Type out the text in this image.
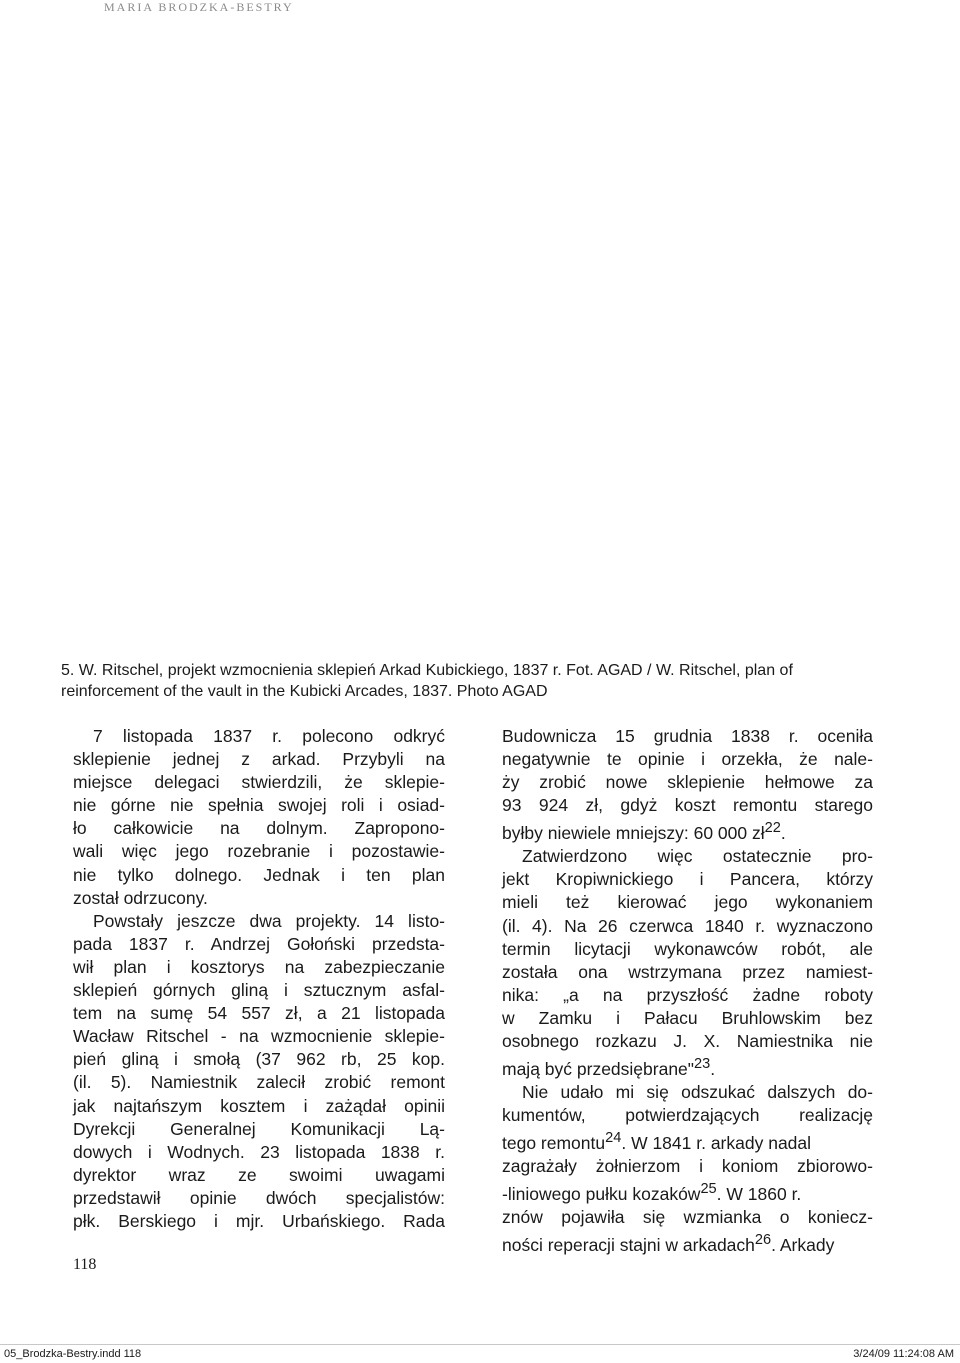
MARIA BRODZKA-BESTRY
5. W. Ritschel, projekt wzmocnienia sklepień Arkad Kubickiego, 1837 r. Fot. AGAD / W. Ritschel, plan of
reinforcement of the vault in the Kubicki Arcades, 1837. Photo AGAD
7 listopada 1837 r. polecono odkryć
sklepienie jednej z arkad. Przybyli na
miejsce delegaci stwierdzili, że sklepie-
nie górne nie spełnia swojej roli i osiad-
ło całkowicie na dolnym. Zapropono-
wali więc jego rozebranie i pozostawie-
nie tylko dolnego. Jednak i ten plan
został odrzucony.
Powstały jeszcze dwa projekty. 14 listo-
pada 1837 r. Andrzej Gołoński przedsta-
wił plan i kosztorys na zabezpieczanie
sklepień górnych gliną i sztucznym asfal-
tem na sumę 54 557 zł, a 21 listopada
Wacław Ritschel - na wzmocnienie sklepie-
pień gliną i smołą (37 962 rb, 25 kop.
(il. 5). Namiestnik zalecił zrobić remont
jak najtańszym kosztem i zażądał opinii
Dyrekcji Generalnej Komunikacji Lą-
dowych i Wodnych. 23 listopada 1838 r.
dyrektor wraz ze swoimi uwagami
przedstawił opinie dwóch specjalistów:
płk. Berskiego i mjr. Urbańskiego. Rada
Budownicza 15 grudnia 1838 r. oceniła
negatywnie te opinie i orzekła, że nale-
ży zrobić nowe sklepienie hełmowe za
93 924 zł, gdyż koszt remontu starego
byłby niewiele mniejszy: 60 000 $zł^{22}$.
Zatwierdzono więc ostatecznie pro-
jekt Kropiwnickiego i Pancera, którzy
mieli też kierować jego wykonaniem
(il. 4). Na 26 czerwca 1840 r. wyznaczono
termin licytacji wykonawców robót, ale
została ona wstrzymana przez namiest-
nika: „a na przyszłość żadne roboty
w Zamku i Pałacu Bruhlowskim bez
osobnego rozkazu J. X. Namiestnika nie
mają być przedsiębrane"$^{23}$.
Nie udało mi się odszukać dalszych do-
kumentów, potwierdzających realizację
tego remontu$^{24}$. W 1841 r. arkady nadal
zagrażały żołnierzom i koniom zbiorowo-
-liniowego pułku kozaków$^{25}$. W 1860 r.
znów pojawiła się wzmianka o koniecz-
ności reperacji stajni w arkadach$^{26}$. Arkady
118
05_Brodzka-Bestry.indd 118	3/24/09 11:24:08 AM
